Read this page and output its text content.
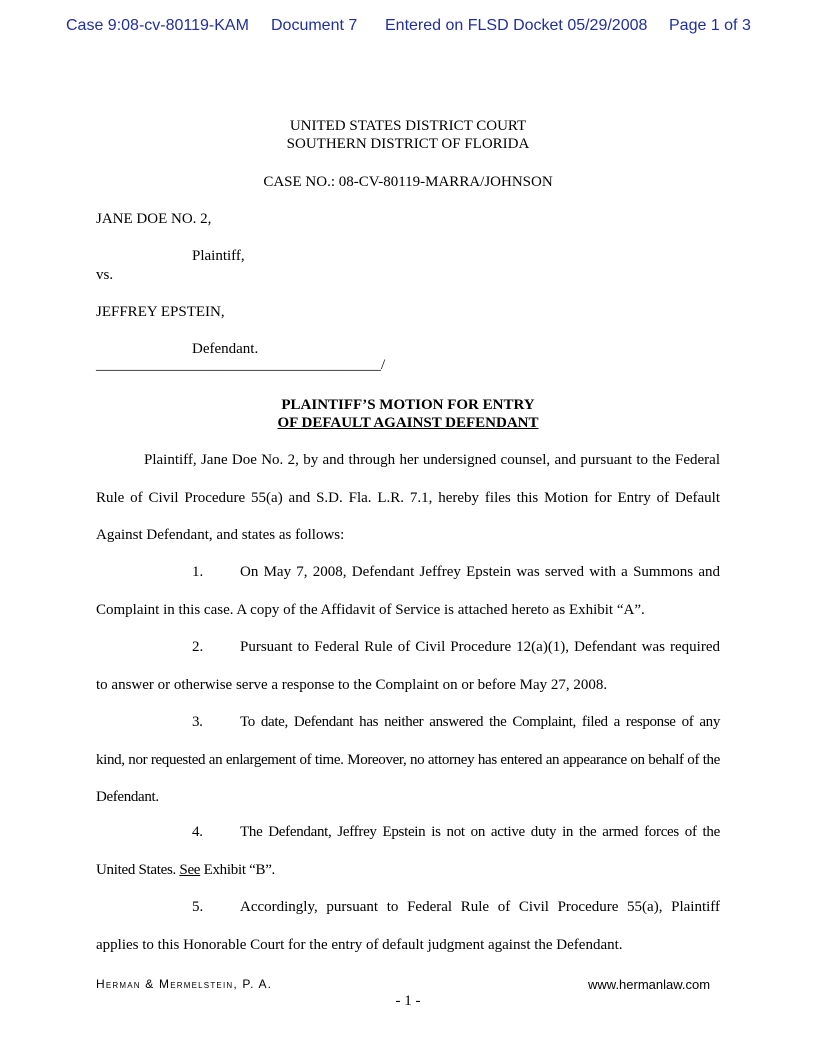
Case 9:08-cv-80119-KAM Document 7 Entered on FLSD Docket 05/29/2008 Page 1 of 3
UNITED STATES DISTRICT COURT
SOUTHERN DISTRICT OF FLORIDA
CASE NO.: 08-CV-80119-MARRA/JOHNSON
JANE DOE NO. 2,
Plaintiff,
vs.
JEFFREY EPSTEIN,
Defendant.
______________________________________/
PLAINTIFF’S MOTION FOR ENTRY
OF DEFAULT AGAINST DEFENDANT

Plaintiff, Jane Doe No. 2, by and through her undersigned counsel, and pursuant to the Federal Rule of Civil Procedure 55(a) and S.D. Fla. L.R. 7.1, hereby files this Motion for Entry of Default Against Defendant, and states as follows:

1. On May 7, 2008, Defendant Jeffrey Epstein was served with a Summons and Complaint in this case. A copy of the Affidavit of Service is attached hereto as Exhibit “A”.

2. Pursuant to Federal Rule of Civil Procedure 12(a)(1), Defendant was required to answer or otherwise serve a response to the Complaint on or before May 27, 2008.

3. To date, Defendant has neither answered the Complaint, filed a response of any kind, nor requested an enlargement of time. Moreover, no attorney has entered an appearance on behalf of the Defendant.

4. The Defendant, Jeffrey Epstein is not on active duty in the armed forces of the United States. See Exhibit “B”.

5. Accordingly, pursuant to Federal Rule of Civil Procedure 55(a), Plaintiff applies to this Honorable Court for the entry of default judgment against the Defendant.

Herman & Mermelstein, P. A.	www.hermanlaw.com
- 1 -
